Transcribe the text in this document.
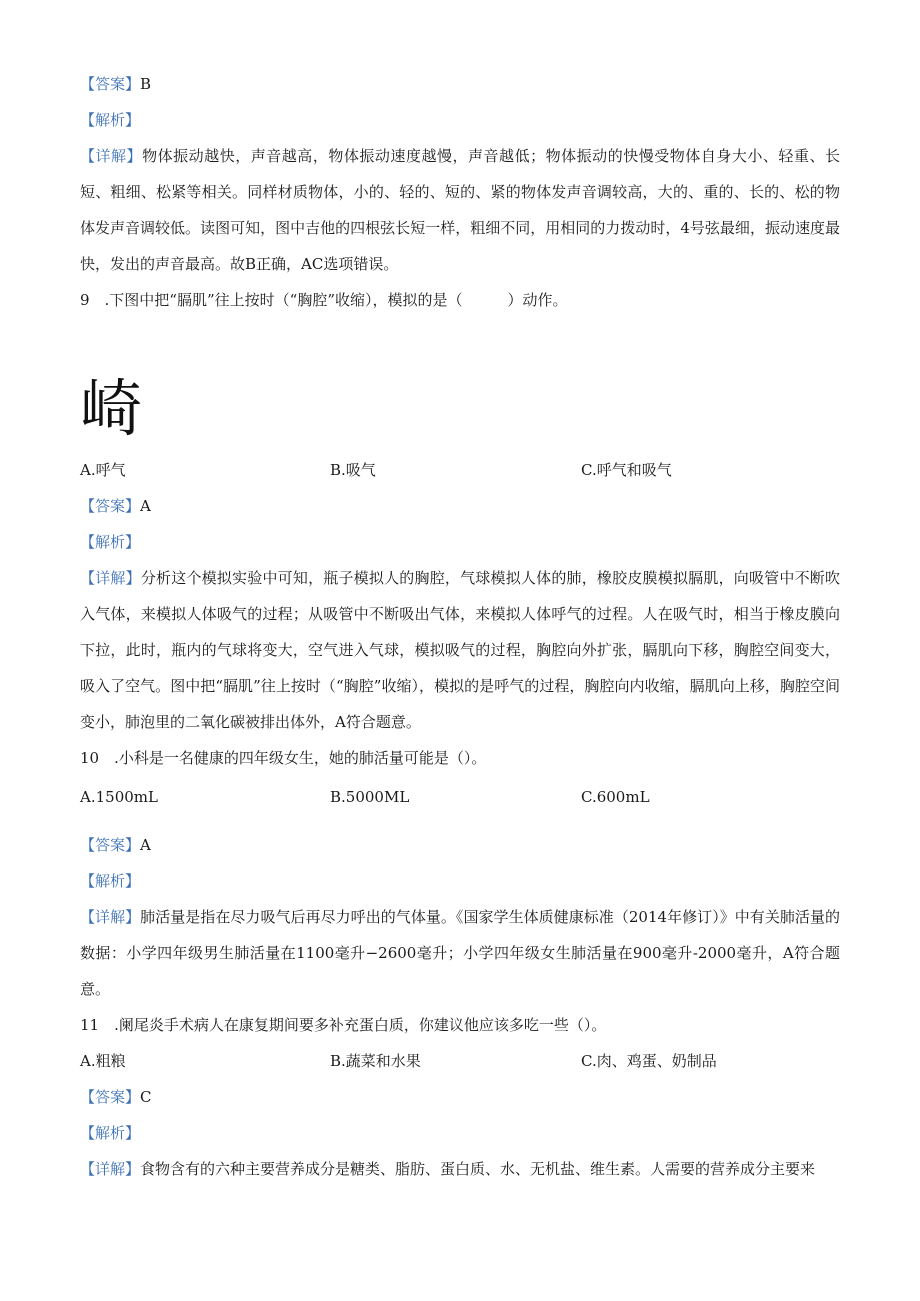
【答案】B
【解析】
【详解】物体振动越快，声音越高，物体振动速度越慢，声音越低；物体振动的快慢受物体自身大小、轻重、长短、粗细、松紧等相关。同样材质物体，小的、轻的、短的、紧的物体发声音调较高，大的、重的、长的、松的物体发声音调较低。读图可知，图中吉他的四根弦长短一样，粗细不同，用相同的力拨动时，4号弦最细，振动速度最快，发出的声音最高。故B正确，AC选项错误。
9　.下图中把“膈肌”往上按时（“胸腔”收缩），模拟的是（　　　）动作。
崎
A.呼气	B.吸气	C.呼气和吸气
【答案】A
【解析】
【详解】分析这个模拟实验中可知，瓶子模拟人的胸腔，气球模拟人体的肺，橡胶皮膜模拟膈肌，向吸管中不断吹入气体，来模拟人体吸气的过程；从吸管中不断吸出气体，来模拟人体呼气的过程。人在吸气时，相当于橡皮膜向下拉，此时，瓶内的气球将变大，空气进入气球，模拟吸气的过程，胸腔向外扩张，膈肌向下移，胸腔空间变大，吸入了空气。图中把“膈肌”往上按时（“胸腔”收缩），模拟的是呼气的过程，胸腔向内收缩，膈肌向上移，胸腔空间变小，肺泡里的二氧化碳被排出体外，A符合题意。
10　.小科是一名健康的四年级女生，她的肺活量可能是（）。
A.1500mL	B.5000ML	C.600mL
【答案】A
【解析】
【详解】肺活量是指在尽力吸气后再尽力呼出的气体量。《国家学生体质健康标准（2014年修订）》中有关肺活量的数据：小学四年级男生肺活量在1100毫升−2600毫升；小学四年级女生肺活量在900毫升-2000毫升，A符合题意。
11　.阑尾炎手术病人在康复期间要多补充蛋白质，你建议他应该多吃一些（）。
A.粗粮	B.蔬菜和水果	C.肉、鸡蛋、奶制品
【答案】C
【解析】
【详解】食物含有的六种主要营养成分是糖类、脂肪、蛋白质、水、无机盐、维生素。人需要的营养成分主要来
